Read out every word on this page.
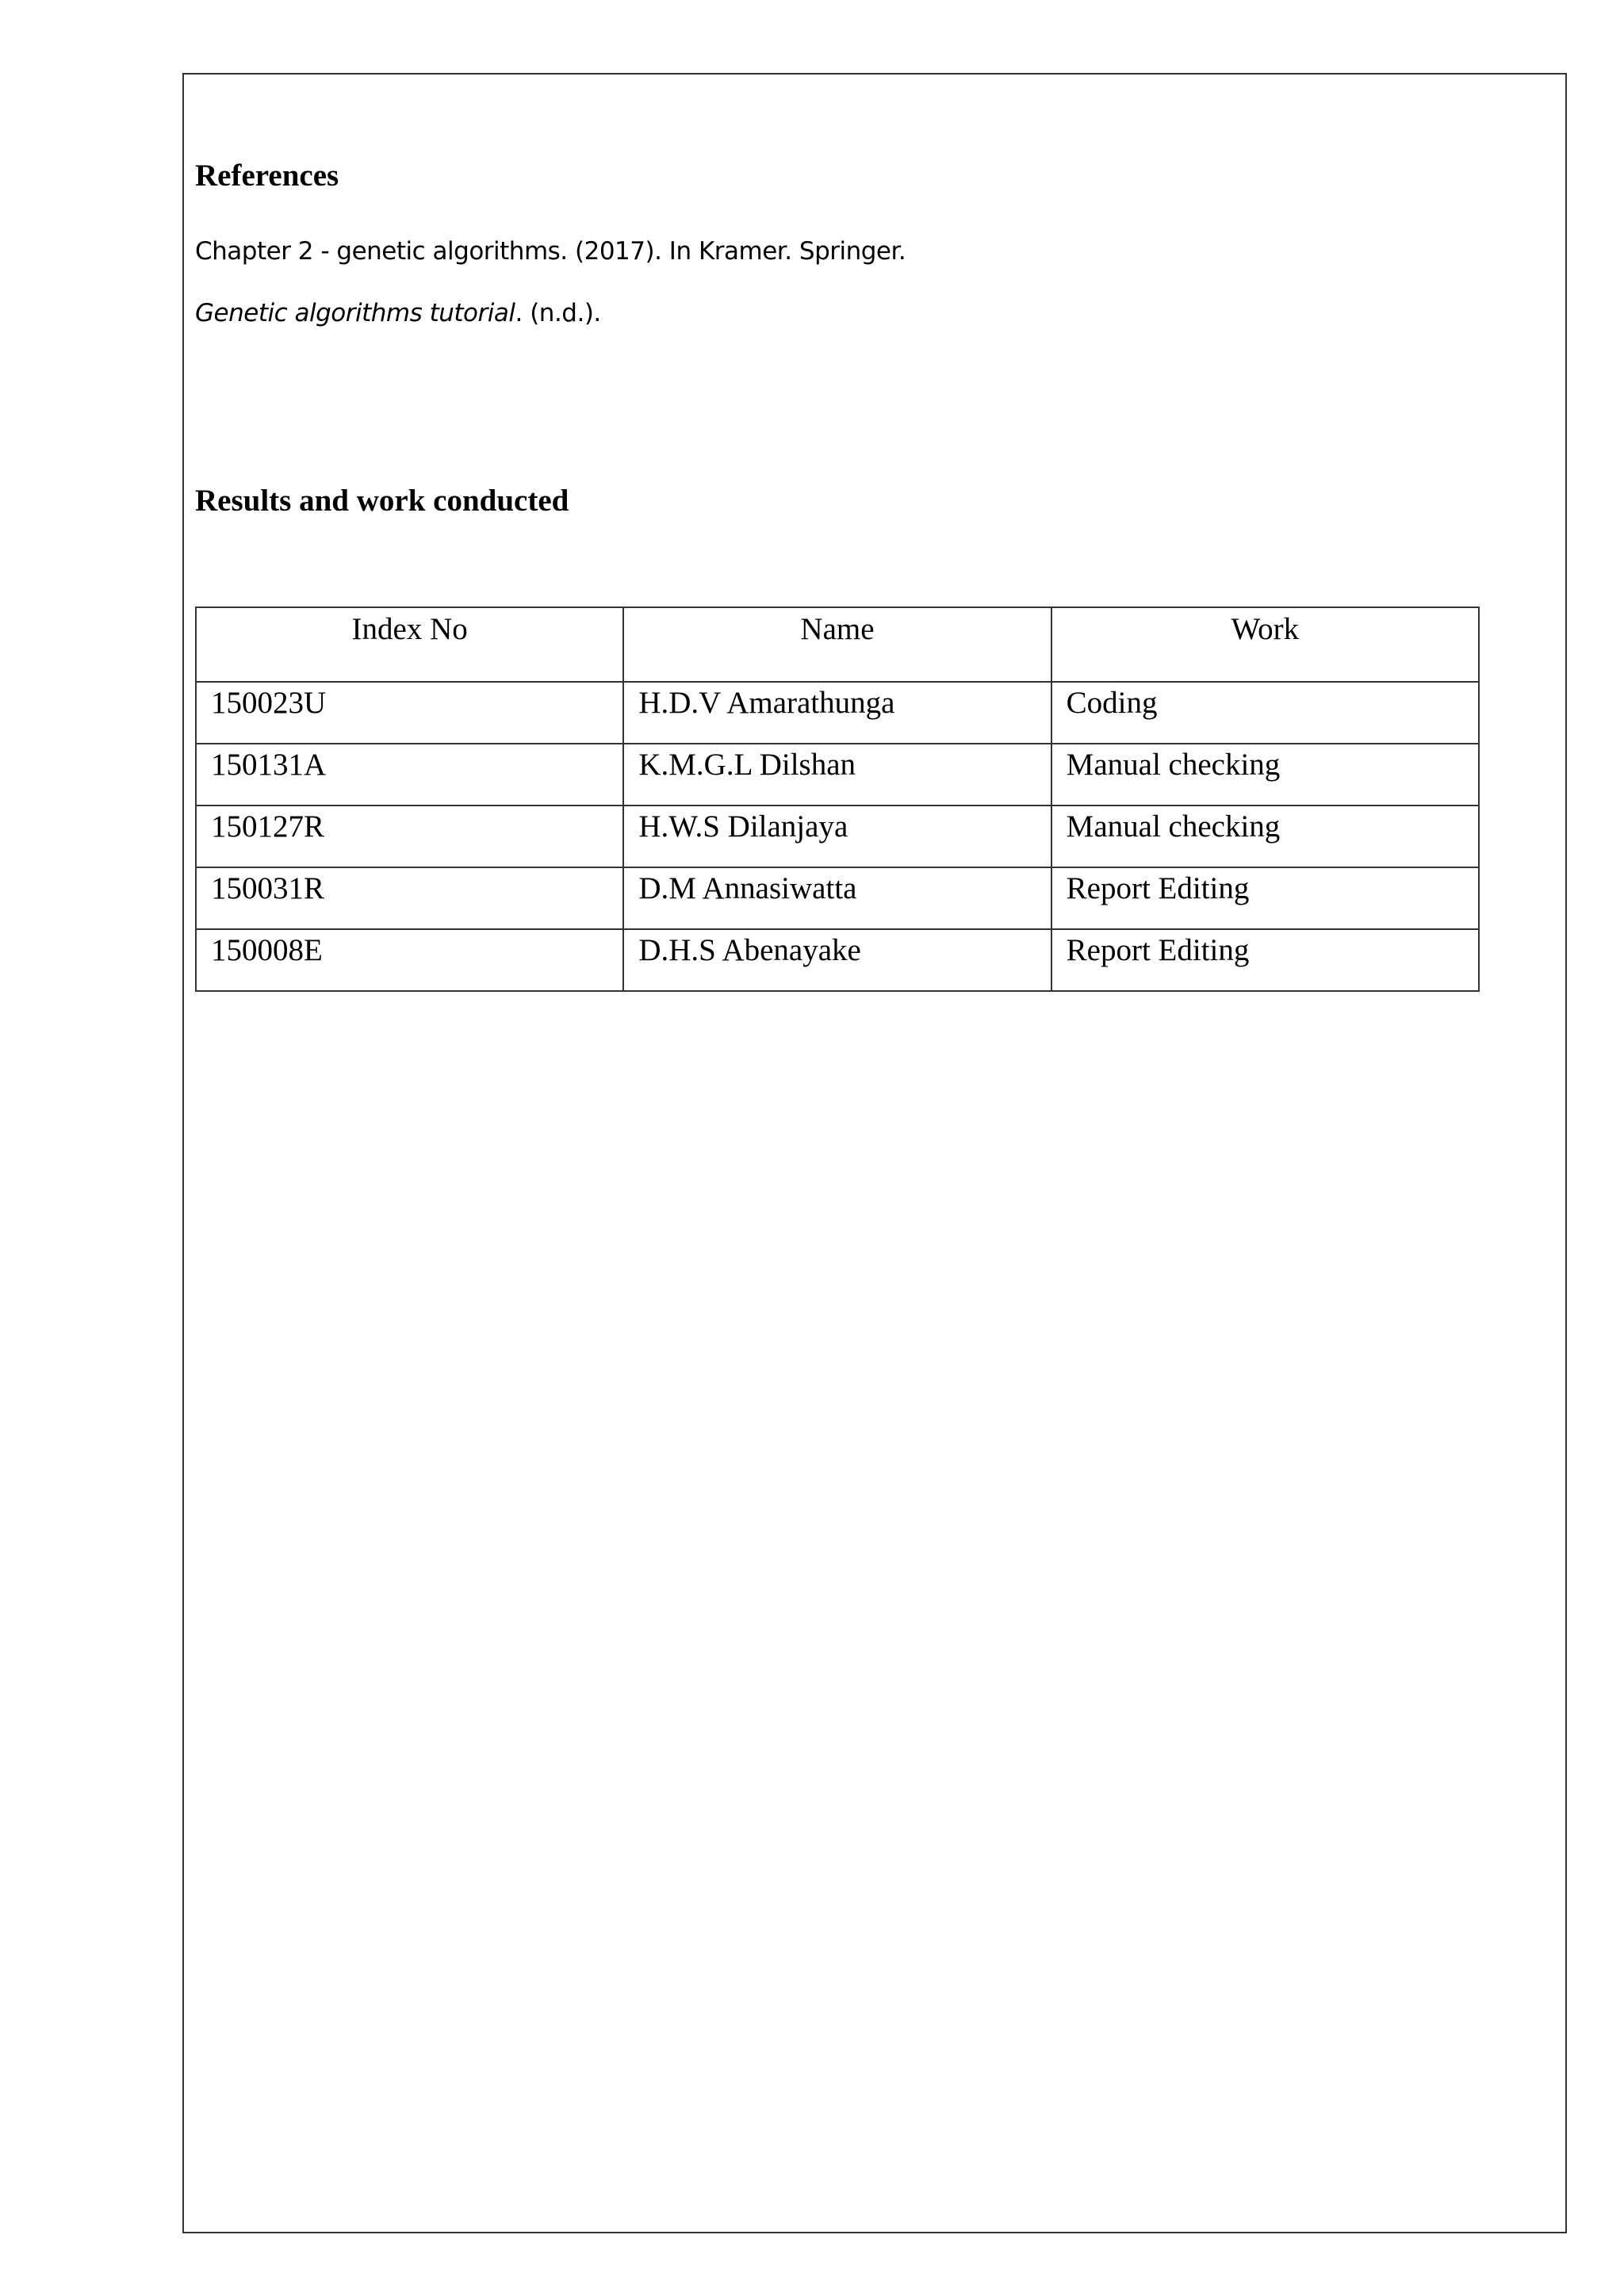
References
Chapter 2 - genetic algorithms. (2017). In Kramer. Springer.
Genetic algorithms tutorial. (n.d.).
Results and work conducted
Index No	Name	Work
150023U	H.D.V Amarathunga	Coding
150131A	K.M.G.L Dilshan	Manual checking
150127R	H.W.S Dilanjaya	Manual checking
150031R	D.M Annasiwatta	Report Editing
150008E	D.H.S Abenayake	Report Editing
